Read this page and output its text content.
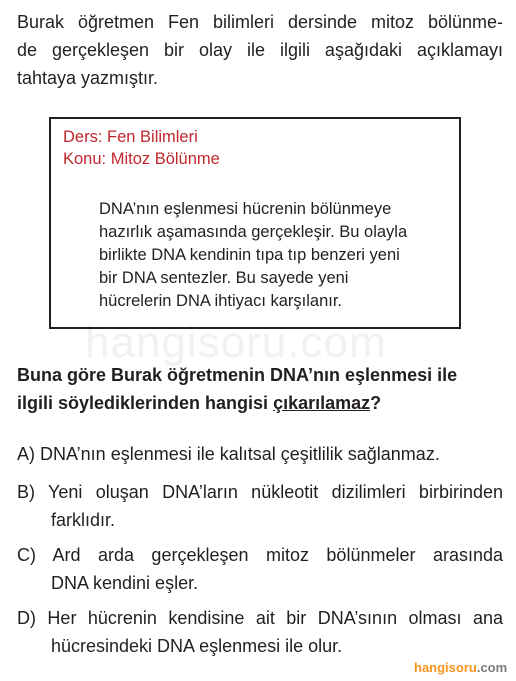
hangisoru.com
Burak öğretmen Fen bilimleri dersinde mitoz bölünme-
de gerçekleşen bir olay ile ilgili aşağıdaki açıklamayı
tahtaya yazmıştır.
Ders: Fen Bilimleri
Konu: Mitoz Bölünme
DNA’nın eşlenmesi hücrenin bölünmeye
hazırlık aşamasında gerçekleşir. Bu olayla
birlikte DNA kendinin tıpa tıp benzeri yeni
bir DNA sentezler. Bu sayede yeni
hücrelerin DNA ihtiyacı karşılanır.
Buna göre Burak öğretmenin DNA’nın eşlenmesi ile
ilgili söylediklerinden hangisi çıkarılamaz?
A) DNA’nın eşlenmesi ile kalıtsal çeşitlilik sağlanmaz.
B) Yeni oluşan DNA’ların nükleotit dizilimleri birbirinden
farklıdır.
C) Ard arda gerçekleşen mitoz bölünmeler arasında
DNA kendini eşler.
D) Her hücrenin kendisine ait bir DNA’sının olması ana
hücresindeki DNA eşlenmesi ile olur.
hangisoru.com
